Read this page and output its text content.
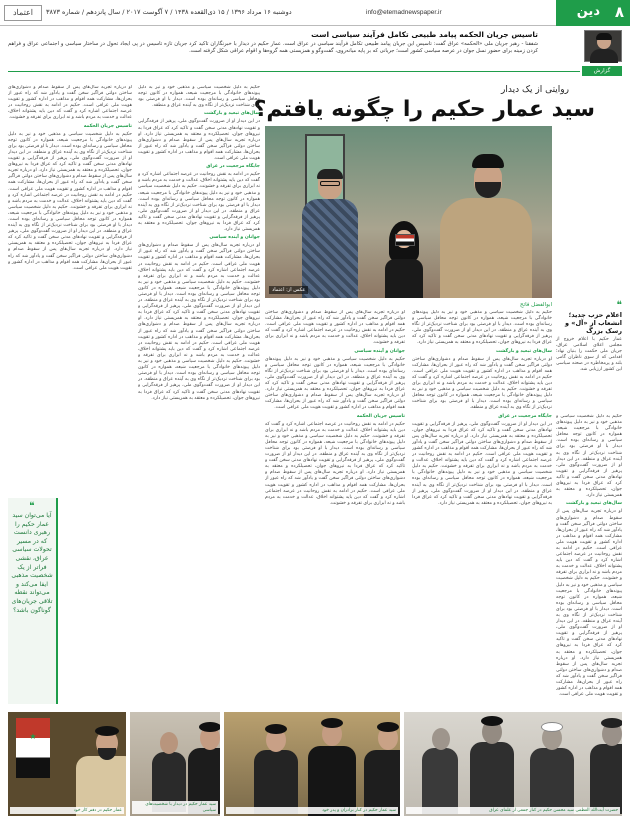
اعتماد	دوشنبه ۱۶ مرداد ۱۳۹۶ / ۱۵ ذی‌القعده ۱۴۳۸ / ۷ آگوست ۲۰۱۷ / سال پانزدهم / شماره ۳۸۷۳	info@etemadnewspaper.ir	۸
دین
تاسیس جریان الحکمه پیامد طبیعی تکامل فرآیند سیاسی است
شفقنا - رهبر جریان ملی «الحکمه» عراق گفت: تاسیس این جریان پیامد طبیعی تکامل فرآیند سیاسی در عراق است. عمار حکیم در دیدار با خبرنگاران تاکید کرد جریان تازه تاسیس در پی ایجاد تحول در ساختار سیاسی و اجتماعی عراق و فراهم کردن زمینه برای حضور نسل جوان در عرصه سیاسی کشور است؛ جریانی که بر پایه میانه‌روی، گفت‌وگو و همزیستی همه گروه‌ها و اقوام عراقی شکل گرفته است.
گزارش
روایتی از یک دیدار
سید عمار حکیم را چگونه یافتم؟
حکیم به دلیل شخصیت سیاسی و مذهبی خود و نیز به دلیل پیوندهای خانوادگی با مرجعیت شیعه، همواره در کانون توجه محافل سیاسی و رسانه‌ای بوده است. دیدار با او فرصتی بود برای شناخت نزدیک‌تر از نگاه وی به آینده عراق و منطقه.
سال‌های تبعید و بازگشت
در این دیدار او از ضرورت گفت‌وگوی ملی، پرهیز از فرقه‌گرایی و تقویت نهادهای مدنی سخن گفت و تاکید کرد که عراق فردا به نیروهای جوان، تحصیلکرده و معتقد به همزیستی نیاز دارد. او درباره تجربه سال‌های پس از سقوط صدام و دشواری‌های ساختن دولتی فراگیر سخن گفت و یادآور شد که راه عبور از بحران‌ها، مشارکت همه اقوام و مذاهب در اداره کشور و تقویت هویت ملی عراقی است.
جایگاه مرجعیت در عراق
حکیم در ادامه به نقش روحانیت در عرصه اجتماعی اشاره کرد و گفت که دین باید پشتوانه اخلاق، عدالت و خدمت به مردم باشد و نه ابزاری برای تفرقه و خشونت. حکیم به دلیل شخصیت سیاسی و مذهبی خود و نیز به دلیل پیوندهای خانوادگی با مرجعیت شیعه، همواره در کانون توجه محافل سیاسی و رسانه‌ای بوده است. دیدار با او فرصتی بود برای شناخت نزدیک‌تر از نگاه وی به آینده عراق و منطقه. در این دیدار او از ضرورت گفت‌وگوی ملی، پرهیز از فرقه‌گرایی و تقویت نهادهای مدنی سخن گفت و تاکید کرد که عراق فردا به نیروهای جوان، تحصیلکرده و معتقد به همزیستی نیاز دارد.
جوانان و آینده سیاسی
او درباره تجربه سال‌های پس از سقوط صدام و دشواری‌های ساختن دولتی فراگیر سخن گفت و یادآور شد که راه عبور از بحران‌ها، مشارکت همه اقوام و مذاهب در اداره کشور و تقویت هویت ملی عراقی است. حکیم در ادامه به نقش روحانیت در عرصه اجتماعی اشاره کرد و گفت که دین باید پشتوانه اخلاق، عدالت و خدمت به مردم باشد و نه ابزاری برای تفرقه و خشونت. حکیم به دلیل شخصیت سیاسی و مذهبی خود و نیز به دلیل پیوندهای خانوادگی با مرجعیت شیعه، همواره در کانون توجه محافل سیاسی و رسانه‌ای بوده است. دیدار با او فرصتی بود برای شناخت نزدیک‌تر از نگاه وی به آینده عراق و منطقه. در این دیدار او از ضرورت گفت‌وگوی ملی، پرهیز از فرقه‌گرایی و تقویت نهادهای مدنی سخن گفت و تاکید کرد که عراق فردا به نیروهای جوان، تحصیلکرده و معتقد به همزیستی نیاز دارد. او درباره تجربه سال‌های پس از سقوط صدام و دشواری‌های ساختن دولتی فراگیر سخن گفت و یادآور شد که راه عبور از بحران‌ها، مشارکت همه اقوام و مذاهب در اداره کشور و تقویت هویت ملی عراقی است. حکیم در ادامه به نقش روحانیت در عرصه اجتماعی اشاره کرد و گفت که دین باید پشتوانه اخلاق، عدالت و خدمت به مردم باشد و نه ابزاری برای تفرقه و خشونت. حکیم به دلیل شخصیت سیاسی و مذهبی خود و نیز به دلیل پیوندهای خانوادگی با مرجعیت شیعه، همواره در کانون توجه محافل سیاسی و رسانه‌ای بوده است. دیدار با او فرصتی بود برای شناخت نزدیک‌تر از نگاه وی به آینده عراق و منطقه. در این دیدار او از ضرورت گفت‌وگوی ملی، پرهیز از فرقه‌گرایی و تقویت نهادهای مدنی سخن گفت و تاکید کرد که عراق فردا به نیروهای جوان، تحصیلکرده و معتقد به همزیستی نیاز دارد.
او درباره تجربه سال‌های پس از سقوط صدام و دشواری‌های ساختن دولتی فراگیر سخن گفت و یادآور شد که راه عبور از بحران‌ها، مشارکت همه اقوام و مذاهب در اداره کشور و تقویت هویت ملی عراقی است. حکیم در ادامه به نقش روحانیت در عرصه اجتماعی اشاره کرد و گفت که دین باید پشتوانه اخلاق، عدالت و خدمت به مردم باشد و نه ابزاری برای تفرقه و خشونت.
تاسیس جریان الحکمه
حکیم به دلیل شخصیت سیاسی و مذهبی خود و نیز به دلیل پیوندهای خانوادگی با مرجعیت شیعه، همواره در کانون توجه محافل سیاسی و رسانه‌ای بوده است. دیدار با او فرصتی بود برای شناخت نزدیک‌تر از نگاه وی به آینده عراق و منطقه. در این دیدار او از ضرورت گفت‌وگوی ملی، پرهیز از فرقه‌گرایی و تقویت نهادهای مدنی سخن گفت و تاکید کرد که عراق فردا به نیروهای جوان، تحصیلکرده و معتقد به همزیستی نیاز دارد. او درباره تجربه سال‌های پس از سقوط صدام و دشواری‌های ساختن دولتی فراگیر سخن گفت و یادآور شد که راه عبور از بحران‌ها، مشارکت همه اقوام و مذاهب در اداره کشور و تقویت هویت ملی عراقی است. حکیم در ادامه به نقش روحانیت در عرصه اجتماعی اشاره کرد و گفت که دین باید پشتوانه اخلاق، عدالت و خدمت به مردم باشد و نه ابزاری برای تفرقه و خشونت. حکیم به دلیل شخصیت سیاسی و مذهبی خود و نیز به دلیل پیوندهای خانوادگی با مرجعیت شیعه، همواره در کانون توجه محافل سیاسی و رسانه‌ای بوده است. دیدار با او فرصتی بود برای شناخت نزدیک‌تر از نگاه وی به آینده عراق و منطقه. در این دیدار او از ضرورت گفت‌وگوی ملی، پرهیز از فرقه‌گرایی و تقویت نهادهای مدنی سخن گفت و تاکید کرد که عراق فردا به نیروهای جوان، تحصیلکرده و معتقد به همزیستی نیاز دارد. او درباره تجربه سال‌های پس از سقوط صدام و دشواری‌های ساختن دولتی فراگیر سخن گفت و یادآور شد که راه عبور از بحران‌ها، مشارکت همه اقوام و مذاهب در اداره کشور و تقویت هویت ملی عراقی است.
❝
آیا می‌توان سید عمار حکیم را رهبری دانست که در مسیر تحولات سیاسی عراق، نقشی فراتر از یک شخصیت مذهبی ایفا می‌کند و می‌تواند نقطه تلاقی جریان‌های گوناگون باشد؟
عکس از: اعتماد
ابوالفضل فاتح
حکیم به دلیل شخصیت سیاسی و مذهبی خود و نیز به دلیل پیوندهای خانوادگی با مرجعیت شیعه، همواره در کانون توجه محافل سیاسی و رسانه‌ای بوده است. دیدار با او فرصتی بود برای شناخت نزدیک‌تر از نگاه وی به آینده عراق و منطقه. در این دیدار او از ضرورت گفت‌وگوی ملی، پرهیز از فرقه‌گرایی و تقویت نهادهای مدنی سخن گفت و تاکید کرد که عراق فردا به نیروهای جوان، تحصیلکرده و معتقد به همزیستی نیاز دارد.
سال‌های تبعید و بازگشت
او درباره تجربه سال‌های پس از سقوط صدام و دشواری‌های ساختن دولتی فراگیر سخن گفت و یادآور شد که راه عبور از بحران‌ها، مشارکت همه اقوام و مذاهب در اداره کشور و تقویت هویت ملی عراقی است. حکیم در ادامه به نقش روحانیت در عرصه اجتماعی اشاره کرد و گفت که دین باید پشتوانه اخلاق، عدالت و خدمت به مردم باشد و نه ابزاری برای تفرقه و خشونت. حکیم به دلیل شخصیت سیاسی و مذهبی خود و نیز به دلیل پیوندهای خانوادگی با مرجعیت شیعه، همواره در کانون توجه محافل سیاسی و رسانه‌ای بوده است. دیدار با او فرصتی بود برای شناخت نزدیک‌تر از نگاه وی به آینده عراق و منطقه.
جایگاه مرجعیت در عراق
در این دیدار او از ضرورت گفت‌وگوی ملی، پرهیز از فرقه‌گرایی و تقویت نهادهای مدنی سخن گفت و تاکید کرد که عراق فردا به نیروهای جوان، تحصیلکرده و معتقد به همزیستی نیاز دارد. او درباره تجربه سال‌های پس از سقوط صدام و دشواری‌های ساختن دولتی فراگیر سخن گفت و یادآور شد که راه عبور از بحران‌ها، مشارکت همه اقوام و مذاهب در اداره کشور و تقویت هویت ملی عراقی است. حکیم در ادامه به نقش روحانیت در عرصه اجتماعی اشاره کرد و گفت که دین باید پشتوانه اخلاق، عدالت و خدمت به مردم باشد و نه ابزاری برای تفرقه و خشونت. حکیم به دلیل شخصیت سیاسی و مذهبی خود و نیز به دلیل پیوندهای خانوادگی با مرجعیت شیعه، همواره در کانون توجه محافل سیاسی و رسانه‌ای بوده است. دیدار با او فرصتی بود برای شناخت نزدیک‌تر از نگاه وی به آینده عراق و منطقه. در این دیدار او از ضرورت گفت‌وگوی ملی، پرهیز از فرقه‌گرایی و تقویت نهادهای مدنی سخن گفت و تاکید کرد که عراق فردا به نیروهای جوان، تحصیلکرده و معتقد به همزیستی نیاز دارد.
او درباره تجربه سال‌های پس از سقوط صدام و دشواری‌های ساختن دولتی فراگیر سخن گفت و یادآور شد که راه عبور از بحران‌ها، مشارکت همه اقوام و مذاهب در اداره کشور و تقویت هویت ملی عراقی است. حکیم در ادامه به نقش روحانیت در عرصه اجتماعی اشاره کرد و گفت که دین باید پشتوانه اخلاق، عدالت و خدمت به مردم باشد و نه ابزاری برای تفرقه و خشونت.
جوانان و آینده سیاسی
حکیم به دلیل شخصیت سیاسی و مذهبی خود و نیز به دلیل پیوندهای خانوادگی با مرجعیت شیعه، همواره در کانون توجه محافل سیاسی و رسانه‌ای بوده است. دیدار با او فرصتی بود برای شناخت نزدیک‌تر از نگاه وی به آینده عراق و منطقه. در این دیدار او از ضرورت گفت‌وگوی ملی، پرهیز از فرقه‌گرایی و تقویت نهادهای مدنی سخن گفت و تاکید کرد که عراق فردا به نیروهای جوان، تحصیلکرده و معتقد به همزیستی نیاز دارد. او درباره تجربه سال‌های پس از سقوط صدام و دشواری‌های ساختن دولتی فراگیر سخن گفت و یادآور شد که راه عبور از بحران‌ها، مشارکت همه اقوام و مذاهب در اداره کشور و تقویت هویت ملی عراقی است.
تاسیس جریان الحکمه
حکیم در ادامه به نقش روحانیت در عرصه اجتماعی اشاره کرد و گفت که دین باید پشتوانه اخلاق، عدالت و خدمت به مردم باشد و نه ابزاری برای تفرقه و خشونت. حکیم به دلیل شخصیت سیاسی و مذهبی خود و نیز به دلیل پیوندهای خانوادگی با مرجعیت شیعه، همواره در کانون توجه محافل سیاسی و رسانه‌ای بوده است. دیدار با او فرصتی بود برای شناخت نزدیک‌تر از نگاه وی به آینده عراق و منطقه. در این دیدار او از ضرورت گفت‌وگوی ملی، پرهیز از فرقه‌گرایی و تقویت نهادهای مدنی سخن گفت و تاکید کرد که عراق فردا به نیروهای جوان، تحصیلکرده و معتقد به همزیستی نیاز دارد. او درباره تجربه سال‌های پس از سقوط صدام و دشواری‌های ساختن دولتی فراگیر سخن گفت و یادآور شد که راه عبور از بحران‌ها، مشارکت همه اقوام و مذاهب در اداره کشور و تقویت هویت ملی عراقی است. حکیم در ادامه به نقش روحانیت در عرصه اجتماعی اشاره کرد و گفت که دین باید پشتوانه اخلاق، عدالت و خدمت به مردم باشد و نه ابزاری برای تفرقه و خشونت.
❝
اعلام حزب جدید؛ انشعاب از «آل» و رسک بزرگ
عمار حکیم با اعلام خروج از مجلس اعلای اسلامی عراق، جریان ملی حکمت را بنیان نهاد؛ اقدامی که از سوی ناظران گامی بلند و پرمخاطره در صحنه سیاسی این کشور ارزیابی شد.
حکیم به دلیل شخصیت سیاسی و مذهبی خود و نیز به دلیل پیوندهای خانوادگی با مرجعیت شیعه، همواره در کانون توجه محافل سیاسی و رسانه‌ای بوده است. دیدار با او فرصتی بود برای شناخت نزدیک‌تر از نگاه وی به آینده عراق و منطقه. در این دیدار او از ضرورت گفت‌وگوی ملی، پرهیز از فرقه‌گرایی و تقویت نهادهای مدنی سخن گفت و تاکید کرد که عراق فردا به نیروهای جوان، تحصیلکرده و معتقد به همزیستی نیاز دارد.
سال‌های تبعید و بازگشت
او درباره تجربه سال‌های پس از سقوط صدام و دشواری‌های ساختن دولتی فراگیر سخن گفت و یادآور شد که راه عبور از بحران‌ها، مشارکت همه اقوام و مذاهب در اداره کشور و تقویت هویت ملی عراقی است. حکیم در ادامه به نقش روحانیت در عرصه اجتماعی اشاره کرد و گفت که دین باید پشتوانه اخلاق، عدالت و خدمت به مردم باشد و نه ابزاری برای تفرقه و خشونت. حکیم به دلیل شخصیت سیاسی و مذهبی خود و نیز به دلیل پیوندهای خانوادگی با مرجعیت شیعه، همواره در کانون توجه محافل سیاسی و رسانه‌ای بوده است. دیدار با او فرصتی بود برای شناخت نزدیک‌تر از نگاه وی به آینده عراق و منطقه. در این دیدار او از ضرورت گفت‌وگوی ملی، پرهیز از فرقه‌گرایی و تقویت نهادهای مدنی سخن گفت و تاکید کرد که عراق فردا به نیروهای جوان، تحصیلکرده و معتقد به همزیستی نیاز دارد. او درباره تجربه سال‌های پس از سقوط صدام و دشواری‌های ساختن دولتی فراگیر سخن گفت و یادآور شد که راه عبور از بحران‌ها، مشارکت همه اقوام و مذاهب در اداره کشور و تقویت هویت ملی عراقی است.
حضرت آیت‌الله العظمی سید محسن حکیم در کنار جمعی از علمای عراق
سید عمار حکیم در کنار برادران و پدر خود
سید عمار حکیم در دیدار با شخصیت‌های سیاسی
★
عمار حکیم در دفتر کار خود
